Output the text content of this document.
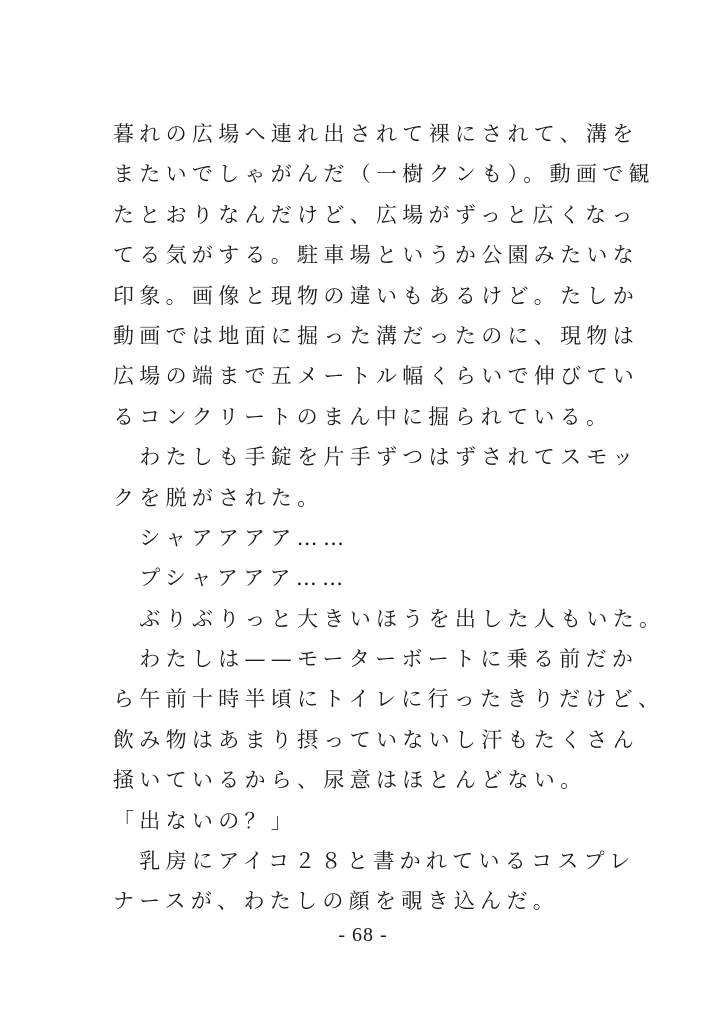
暮れの広場へ連れ出されて裸にされて、溝を
またいでしゃがんだ（一樹クンも）。動画で観
たとおりなんだけど、広場がずっと広くなっ
てる気がする。駐車場というか公園みたいな
印象。画像と現物の違いもあるけど。たしか
動画では地面に掘った溝だったのに、現物は
広場の端まで五メートル幅くらいで伸びてい
るコンクリートのまん中に掘られている。
　わたしも手錠を片手ずつはずされてスモッ
クを脱がされた。
　シャアアアア……
　プシャアアア……
　ぶりぶりっと大きいほうを出した人もいた。
　わたしは——モーターボートに乗る前だか
ら午前十時半頃にトイレに行ったきりだけど、
飲み物はあまり摂っていないし汗もたくさん
掻いているから、尿意はほとんどない。
「出ないの？」
　乳房にアイコ２８と書かれているコスプレ
ナースが、わたしの顔を覗き込んだ。
- 68 -
